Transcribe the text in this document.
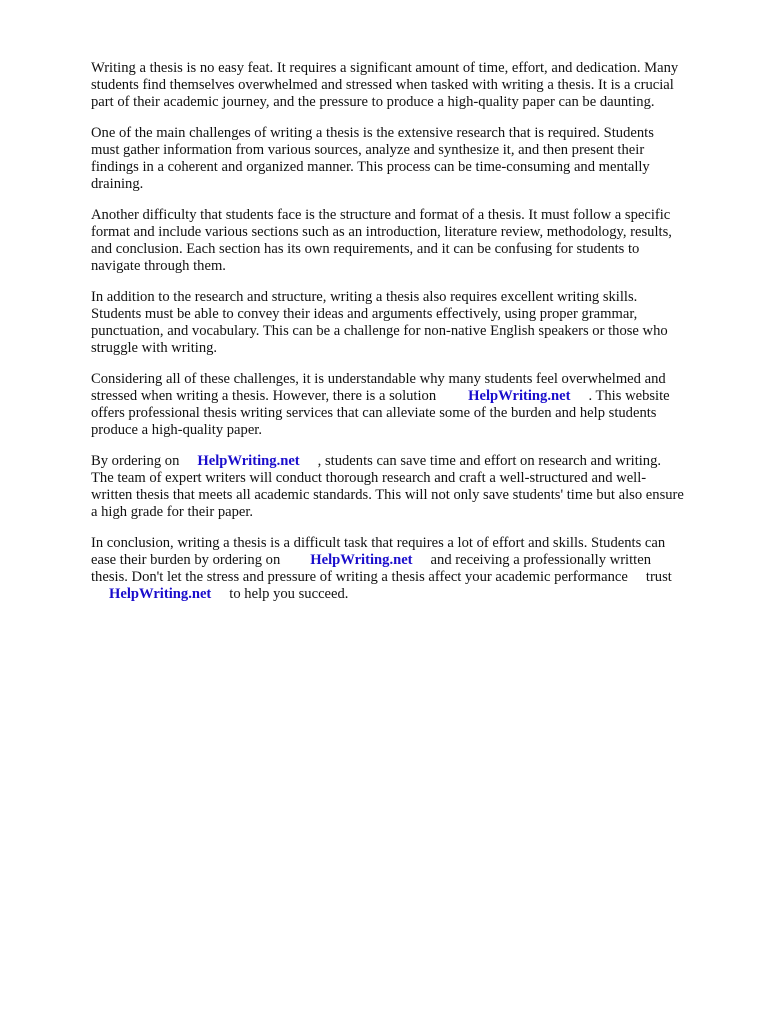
Writing a thesis is no easy feat. It requires a significant amount of time, effort, and dedication. Many
students find themselves overwhelmed and stressed when tasked with writing a thesis. It is a crucial
part of their academic journey, and the pressure to produce a high-quality paper can be daunting.

One of the main challenges of writing a thesis is the extensive research that is required. Students
must gather information from various sources, analyze and synthesize it, and then present their
findings in a coherent and organized manner. This process can be time-consuming and mentally
draining.

Another difficulty that students face is the structure and format of a thesis. It must follow a specific
format and include various sections such as an introduction, literature review, methodology, results,
and conclusion. Each section has its own requirements, and it can be confusing for students to
navigate through them.

In addition to the research and structure, writing a thesis also requires excellent writing skills.
Students must be able to convey their ideas and arguments effectively, using proper grammar,
punctuation, and vocabulary. This can be a challenge for non-native English speakers or those who
struggle with writing.

Considering all of these challenges, it is understandable why many students feel overwhelmed and
stressed when writing a thesis. However, there is a solution HelpWriting.net . This website
offers professional thesis writing services that can alleviate some of the burden and help students
produce a high-quality paper.

By ordering on HelpWriting.net , students can save time and effort on research and writing.
The team of expert writers will conduct thorough research and craft a well-structured and well-
written thesis that meets all academic standards. This will not only save students' time but also ensure
a high grade for their paper.

In conclusion, writing a thesis is a difficult task that requires a lot of effort and skills. Students can
ease their burden by ordering on HelpWriting.net and receiving a professionally written
thesis. Don't let the stress and pressure of writing a thesis affect your academic performance trust
HelpWriting.net to help you succeed.
